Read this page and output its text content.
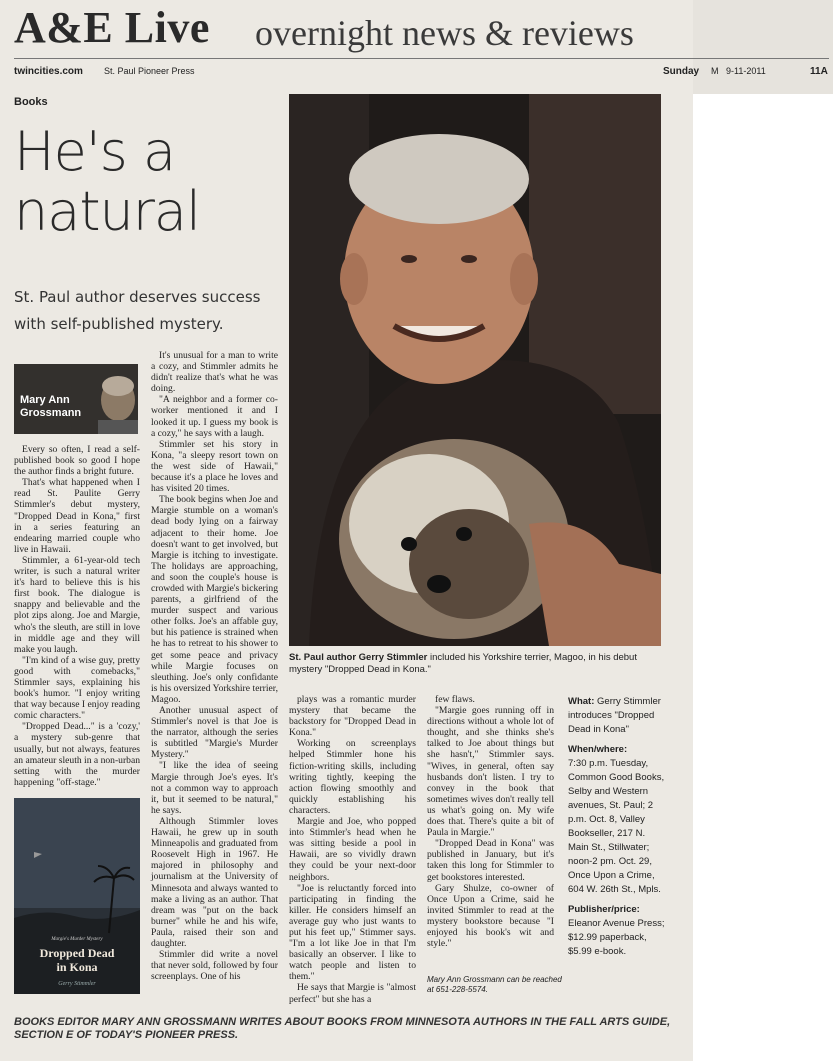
A&E Live overnight news & reviews
twincities.com St. Paul Pioneer Press	Sunday M 9-11-2011	11A
Books
He's a
natural
St. Paul author deserves success
with self-published mystery.
Mary Ann
Grossmann

Every so often, I read a self-published book so good I hope the author finds a bright future.

That's what happened when I read St. Paulite Gerry Stimmler's debut mystery, "Dropped Dead in Kona," first in a series featuring an endearing married couple who live in Hawaii.

Stimmler, a 61-year-old tech writer, is such a natural writer it's hard to believe this is his first book. The dialogue is snappy and believable and the plot zips along. Joe and Margie, who's the sleuth, are still in love in middle age and they will make you laugh.

"I'm kind of a wise guy, pretty good with comebacks," Stimmler says, explaining his book's humor. "I enjoy writing that way because I enjoy reading comic characters."

"Dropped Dead..." is a 'cozy,' a mystery sub-genre that usually, but not always, features an amateur sleuth in a non-urban setting with the murder happening "off-stage."

Margie's Murder Mystery
Dropped Dead
in Kona
Gerry Stimmler

It's unusual for a man to write a cozy, and Stimmler admits he didn't realize that's what he was doing.

"A neighbor and a former co-worker mentioned it and I looked it up. I guess my book is a cozy," he says with a laugh.

Stimmler set his story in Kona, "a sleepy resort town on the west side of Hawaii," because it's a place he loves and has visited 20 times.

The book begins when Joe and Margie stumble on a woman's dead body lying on a fairway adjacent to their home. Joe doesn't want to get involved, but Margie is itching to investigate. The holidays are approaching, and soon the couple's house is crowded with Margie's bickering parents, a girlfriend of the murder suspect and various other folks. Joe's an affable guy, but his patience is strained when he has to retreat to his shower to get some peace and privacy while Margie focuses on sleuthing. Joe's only confidante is his oversized Yorkshire terrier, Magoo.

Another unusual aspect of Stimmler's novel is that Joe is the narrator, although the series is subtitled "Margie's Murder Mystery."

"I like the idea of seeing Margie through Joe's eyes. It's not a common way to approach it, but it seemed to be natural," he says.

Although Stimmler loves Hawaii, he grew up in south Minneapolis and graduated from Roosevelt High in 1967. He majored in philosophy and journalism at the University of Minnesota and always wanted to make a living as an author. That dream was "put on the back burner" while he and his wife, Paula, raised their son and daughter.

Stimmler did write a novel that never sold, followed by four screenplays. One of his

St. Paul author Gerry Stimmler included his Yorkshire terrier, Magoo, in his debut mystery "Dropped Dead in Kona."

plays was a romantic murder mystery that became the backstory for "Dropped Dead in Kona."

Working on screenplays helped Stimmler hone his fiction-writing skills, including writing tightly, keeping the action flowing smoothly and quickly establishing his characters.

Margie and Joe, who popped into Stimmler's head when he was sitting beside a pool in Hawaii, are so vividly drawn they could be your next-door neighbors.

"Joe is reluctantly forced into participating in finding the killer. He considers himself an average guy who just wants to put his feet up," Stimmer says. "I'm a lot like Joe in that I'm basically an observer. I like to watch people and listen to them."

He says that Margie is "almost perfect" but she has a

few flaws.

"Margie goes running off in directions without a whole lot of thought, and she thinks she's talked to Joe about things but she hasn't," Stimmler says. "Wives, in general, often say husbands don't listen. I try to convey in the book that sometimes wives don't really tell us what's going on. My wife does that. There's quite a bit of Paula in Margie."

"Dropped Dead in Kona" was published in January, but it's taken this long for Stimmler to get bookstores interested.

Gary Shulze, co-owner of Once Upon a Crime, said he invited Stimmler to read at the mystery bookstore because "I enjoyed his book's wit and style."

Mary Ann Grossmann can be reached at 651-228-5574.
What: Gerry Stimmler introduces "Dropped Dead in Kona"
When/where:
7:30 p.m. Tuesday, Common Good Books, Selby and Western avenues, St. Paul; 2 p.m. Oct. 8, Valley Bookseller, 217 N. Main St., Stillwater; noon-2 pm. Oct. 29, Once Upon a Crime, 604 W. 26th St., Mpls.
Publisher/price:
Eleanor Avenue Press; $12.99 paperback, $5.99 e-book.
BOOKS EDITOR MARY ANN GROSSMANN WRITES ABOUT BOOKS FROM MINNESOTA AUTHORS IN THE FALL ARTS GUIDE, SECTION E OF TODAY'S PIONEER PRESS.
